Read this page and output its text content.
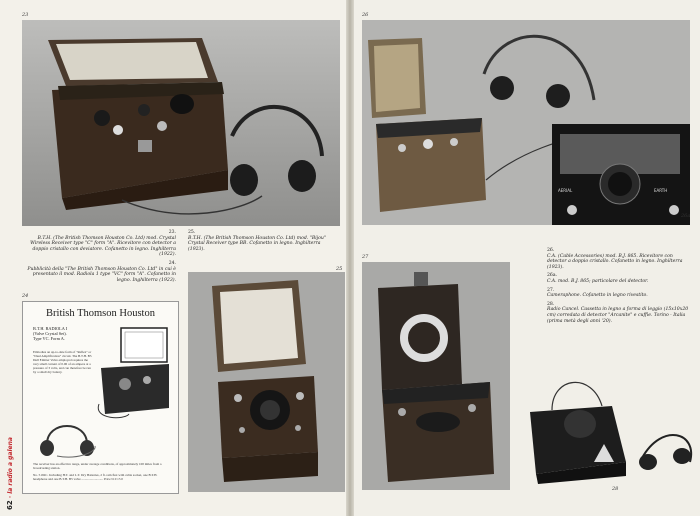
23

23.
B.T.H. (The British Thomson Houston Co. Ltd) mod. Crystal Wireless Receiver type "C" form "A". Ricevitore con detector a doppio cristallo con deviatore. Cofanetto in legno. Inghilterra (1922).

24.
Pubblicità della "The British Thomson Houston Co. Ltd" in cui è presentato il mod. Radiola 1 type "VC" form "A". Cofanetto in legno. Inghilterra (1923).

25.
B.T.H. (The British Thomson Houston Co. Ltd) mod. "Bijou" Crystal Receiver type BB. Cofanetto in legno. Inghilterra (1923).

24
British Thomson Houston
B.T.H. RADIOLA I
(Valve Crystal Set).
Type VC. Form A.
Embodies an up-to-date form of "Reflex" or "Dual Amplification" circuit. The B.T.H. B5 Dull Emitter Valve employed requires the very small current of 0.06 of an ampere at a pressure of 3 volts, and can therefore be run by a small dry battery.
The receiver has an effective range, under average conditions, of approximately 100 miles from a broadcasting station.
No. 5192C. Including H.T. and L.T. Dry Batteries, 2 ft. rem flex with cable socket, one B.T.H. headphone and one B.T.H. B5 valve .......................... Price £10 15 0
25
62 · la radio a galena
26
AERIAL	EARTH
26a
27

26.
C.A. (Cable Accessories) mod. B.J. 865. Ricevitore con detector a doppio cristallo. Cofanetto in legno. Inghilterra (1923).

26a.
C.A. mod. B.J. 865; particolare del detector.

27.
Cameraphone. Cofanetto in legno rivestito.

28.
Radio Cancel. Cassetta in legno a forma di leggio (15x10x20 cm) corredata di detector "Arcanite" e cuffie. Torino - Italia (prima metà degli anni '20).

28
